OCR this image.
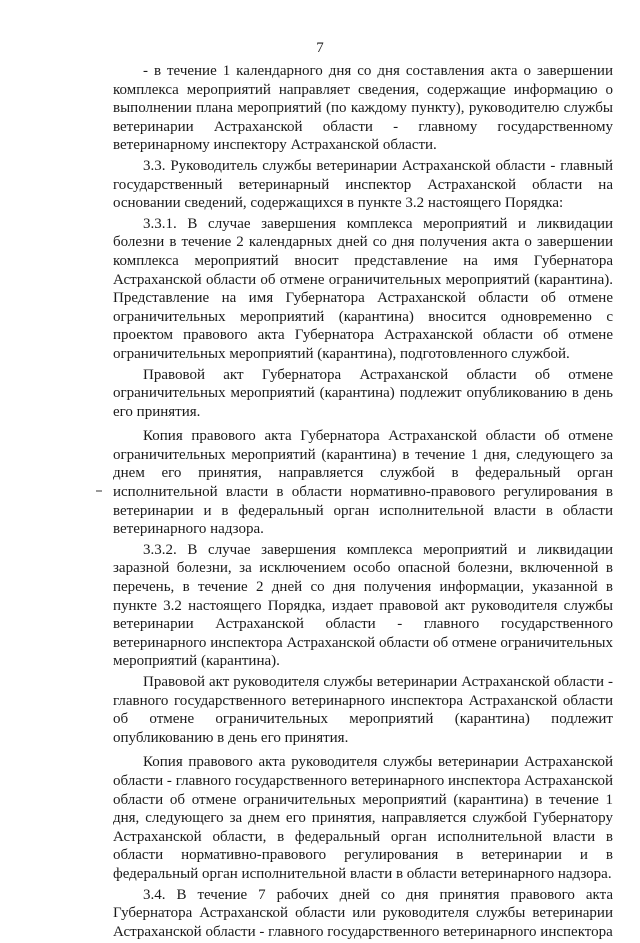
7

- в течение 1 календарного дня со дня составления акта о завершении комплекса мероприятий направляет сведения, содержащие информацию о выполнении плана мероприятий (по каждому пункту), руководителю службы ветеринарии Астраханской области - главному государственному ветеринарному инспектору Астраханской области.

3.3. Руководитель службы ветеринарии Астраханской области - главный государственный ветеринарный инспектор Астраханской области на основании сведений, содержащихся в пункте 3.2 настоящего Порядка:

3.3.1. В случае завершения комплекса мероприятий и ликвидации болезни в течение 2 календарных дней со дня получения акта о завершении комплекса мероприятий вносит представление на имя Губернатора Астраханской области об отмене ограничительных мероприятий (карантина). Представление на имя Губернатора Астраханской области об отмене ограничительных мероприятий (карантина) вносится одновременно с проектом правового акта Губернатора Астраханской области об отмене ограничительных мероприятий (карантина), подготовленного службой.

Правовой акт Губернатора Астраханской области об отмене ограничительных мероприятий (карантина) подлежит опубликованию в день его принятия.

Копия правового акта Губернатора Астраханской области об отмене ограничительных мероприятий (карантина) в течение 1 дня, следующего за днем его принятия, направляется службой в федеральный орган исполнительной власти в области нормативно-правового регулирования в ветеринарии и в федеральный орган исполнительной власти в области ветеринарного надзора.

3.3.2. В случае завершения комплекса мероприятий и ликвидации заразной болезни, за исключением особо опасной болезни, включенной в перечень, в течение 2 дней со дня получения информации, указанной в пункте 3.2 настоящего Порядка, издает правовой акт руководителя службы ветеринарии Астраханской области - главного государственного ветеринарного инспектора Астраханской области об отмене ограничительных мероприятий (карантина).

Правовой акт руководителя службы ветеринарии Астраханской области - главного государственного ветеринарного инспектора Астраханской области об отмене ограничительных мероприятий (карантина) подлежит опубликованию в день его принятия.

Копия правового акта руководителя службы ветеринарии Астраханской области - главного государственного ветеринарного инспектора Астраханской области об отмене ограничительных мероприятий (карантина) в течение 1 дня, следующего за днем его принятия, направляется службой Губернатору Астраханской области, в федеральный орган исполнительной власти в области нормативно-правового регулирования в ветеринарии и в федеральный орган исполнительной власти в области ветеринарного надзора.

3.4. В течение 7 рабочих дней со дня принятия правового акта Губернатора Астраханской области или руководителя службы ветеринарии Астраханской области - главного государственного ветеринарного инспектора
